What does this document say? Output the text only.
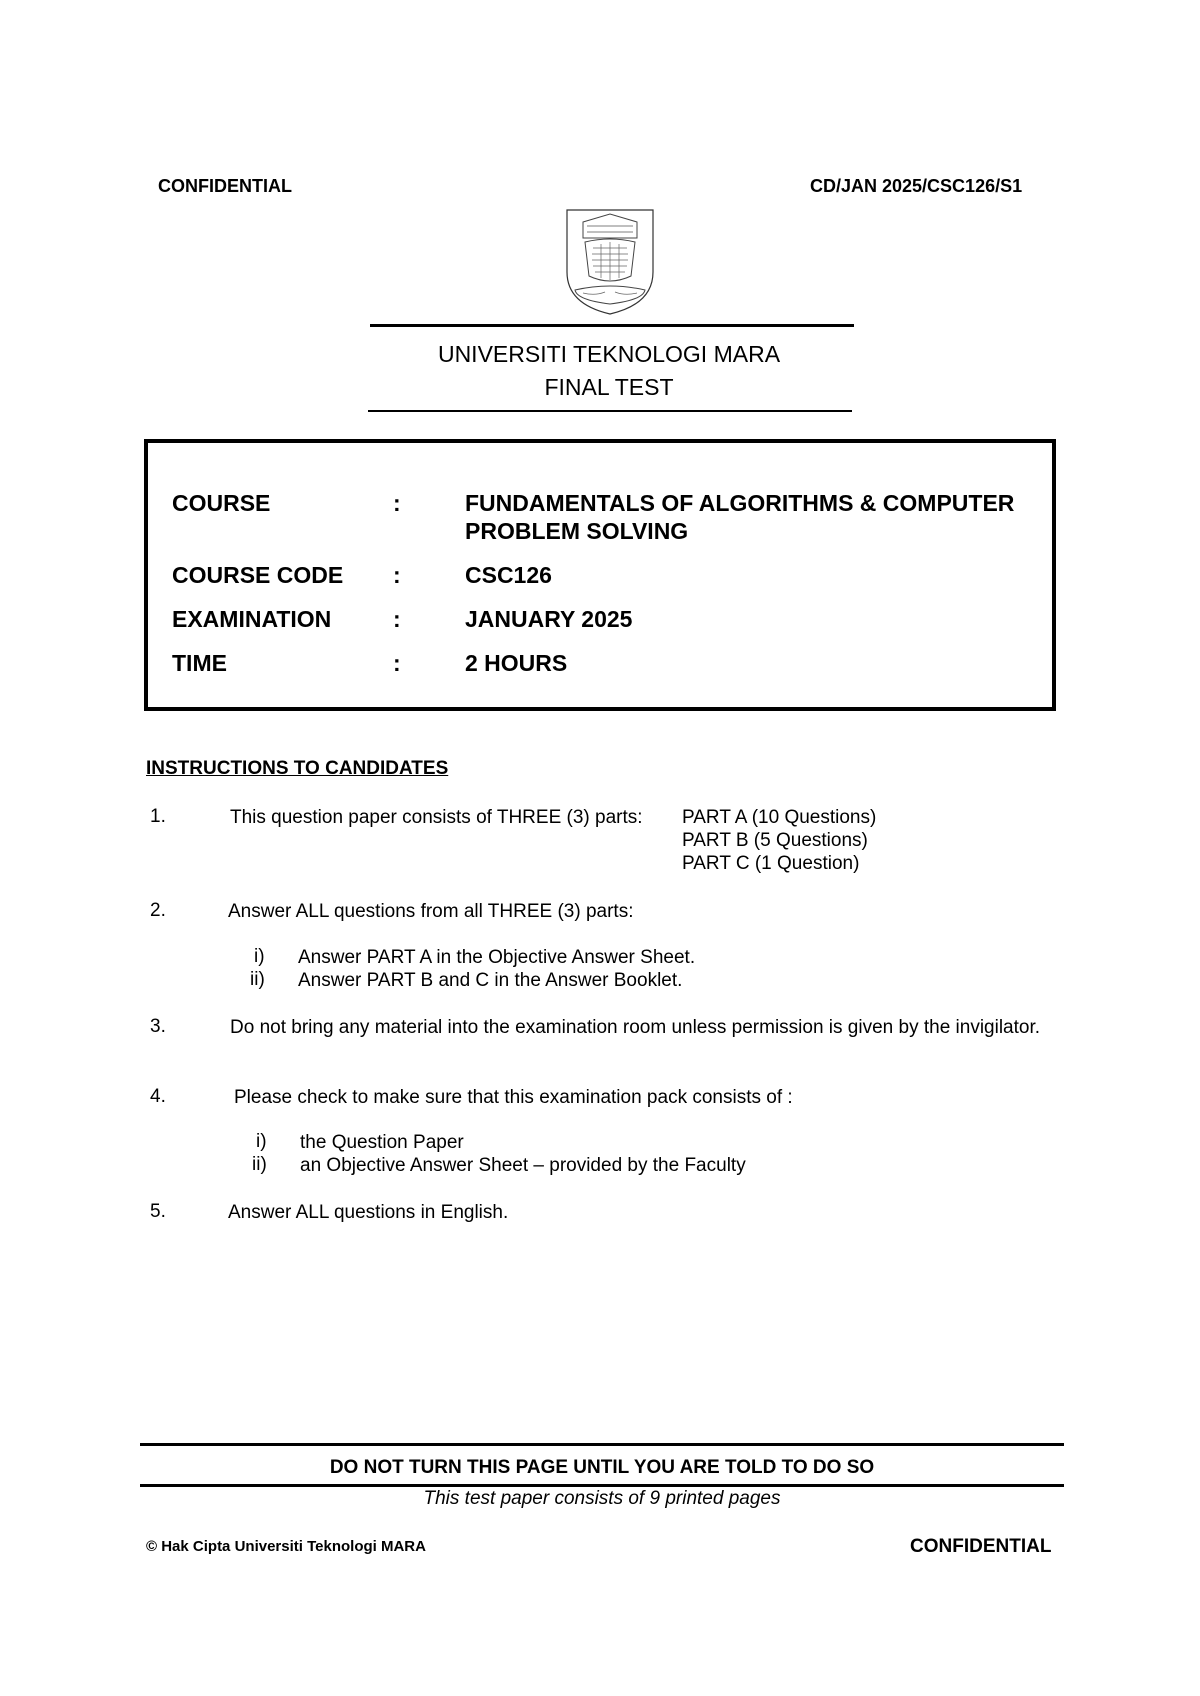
CONFIDENTIAL	CD/JAN 2025/CSC126/S1
UNIVERSITI TEKNOLOGI MARA
FINAL TEST
COURSE	:	FUNDAMENTALS OF ALGORITHMS & COMPUTER PROBLEM SOLVING
COURSE CODE	:	CSC126
EXAMINATION	:	JANUARY 2025
TIME	:	2 HOURS
INSTRUCTIONS TO CANDIDATES
1.	This question paper consists of THREE (3) parts: PART A (10 Questions)
PART B (5 Questions)
PART C (1 Question)
2.	Answer ALL questions from all THREE (3) parts:
i) Answer PART A in the Objective Answer Sheet.
ii) Answer PART B and C in the Answer Booklet.
3.	Do not bring any material into the examination room unless permission is given by the invigilator.
4.	Please check to make sure that this examination pack consists of :
i) the Question Paper
ii) an Objective Answer Sheet – provided by the Faculty
5.	Answer ALL questions in English.
DO NOT TURN THIS PAGE UNTIL YOU ARE TOLD TO DO SO
This test paper consists of 9 printed pages
© Hak Cipta Universiti Teknologi MARA	CONFIDENTIAL
